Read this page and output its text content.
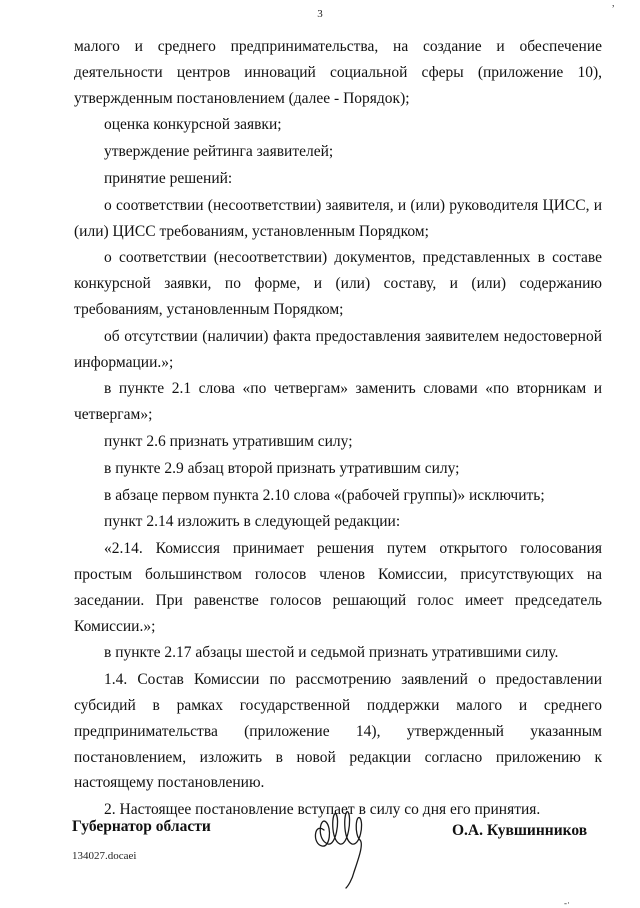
3
,

малого и среднего предпринимательства, на создание и обеспечение деятельности центров инноваций социальной сферы (приложение 10), утвержденным постановлением (далее - Порядок);

оценка конкурсной заявки;

утверждение рейтинга заявителей;

принятие решений:

о соответствии (несоответствии) заявителя, и (или) руководителя ЦИСС, и (или) ЦИСС требованиям, установленным Порядком;

о соответствии (несоответствии) документов, представленных в составе конкурсной заявки, по форме, и (или) составу, и (или) содержанию требованиям, установленным Порядком;

об отсутствии (наличии) факта предоставления заявителем недостоверной информации.»;

в пункте 2.1 слова «по четвергам» заменить словами «по вторникам и четвергам»;

пункт 2.6 признать утратившим силу;

в пункте 2.9 абзац второй признать утратившим силу;

в абзаце первом пункта 2.10 слова «(рабочей группы)» исключить;

пункт 2.14 изложить в следующей редакции:

«2.14. Комиссия принимает решения путем открытого голосования простым большинством голосов членов Комиссии, присутствующих на заседании. При равенстве голосов решающий голос имеет председатель Комиссии.»;

в пункте 2.17 абзацы шестой и седьмой признать утратившими силу.

1.4. Состав Комиссии по рассмотрению заявлений о предоставлении субсидий в рамках государственной поддержки малого и среднего предпринимательства (приложение 14), утвержденный указанным постановлением, изложить в новой редакции согласно приложению к настоящему постановлению.

2. Настоящее постановление вступает в силу со дня его принятия.

Губернатор области	О.А. Кувшинников
134027.docaei
-·
